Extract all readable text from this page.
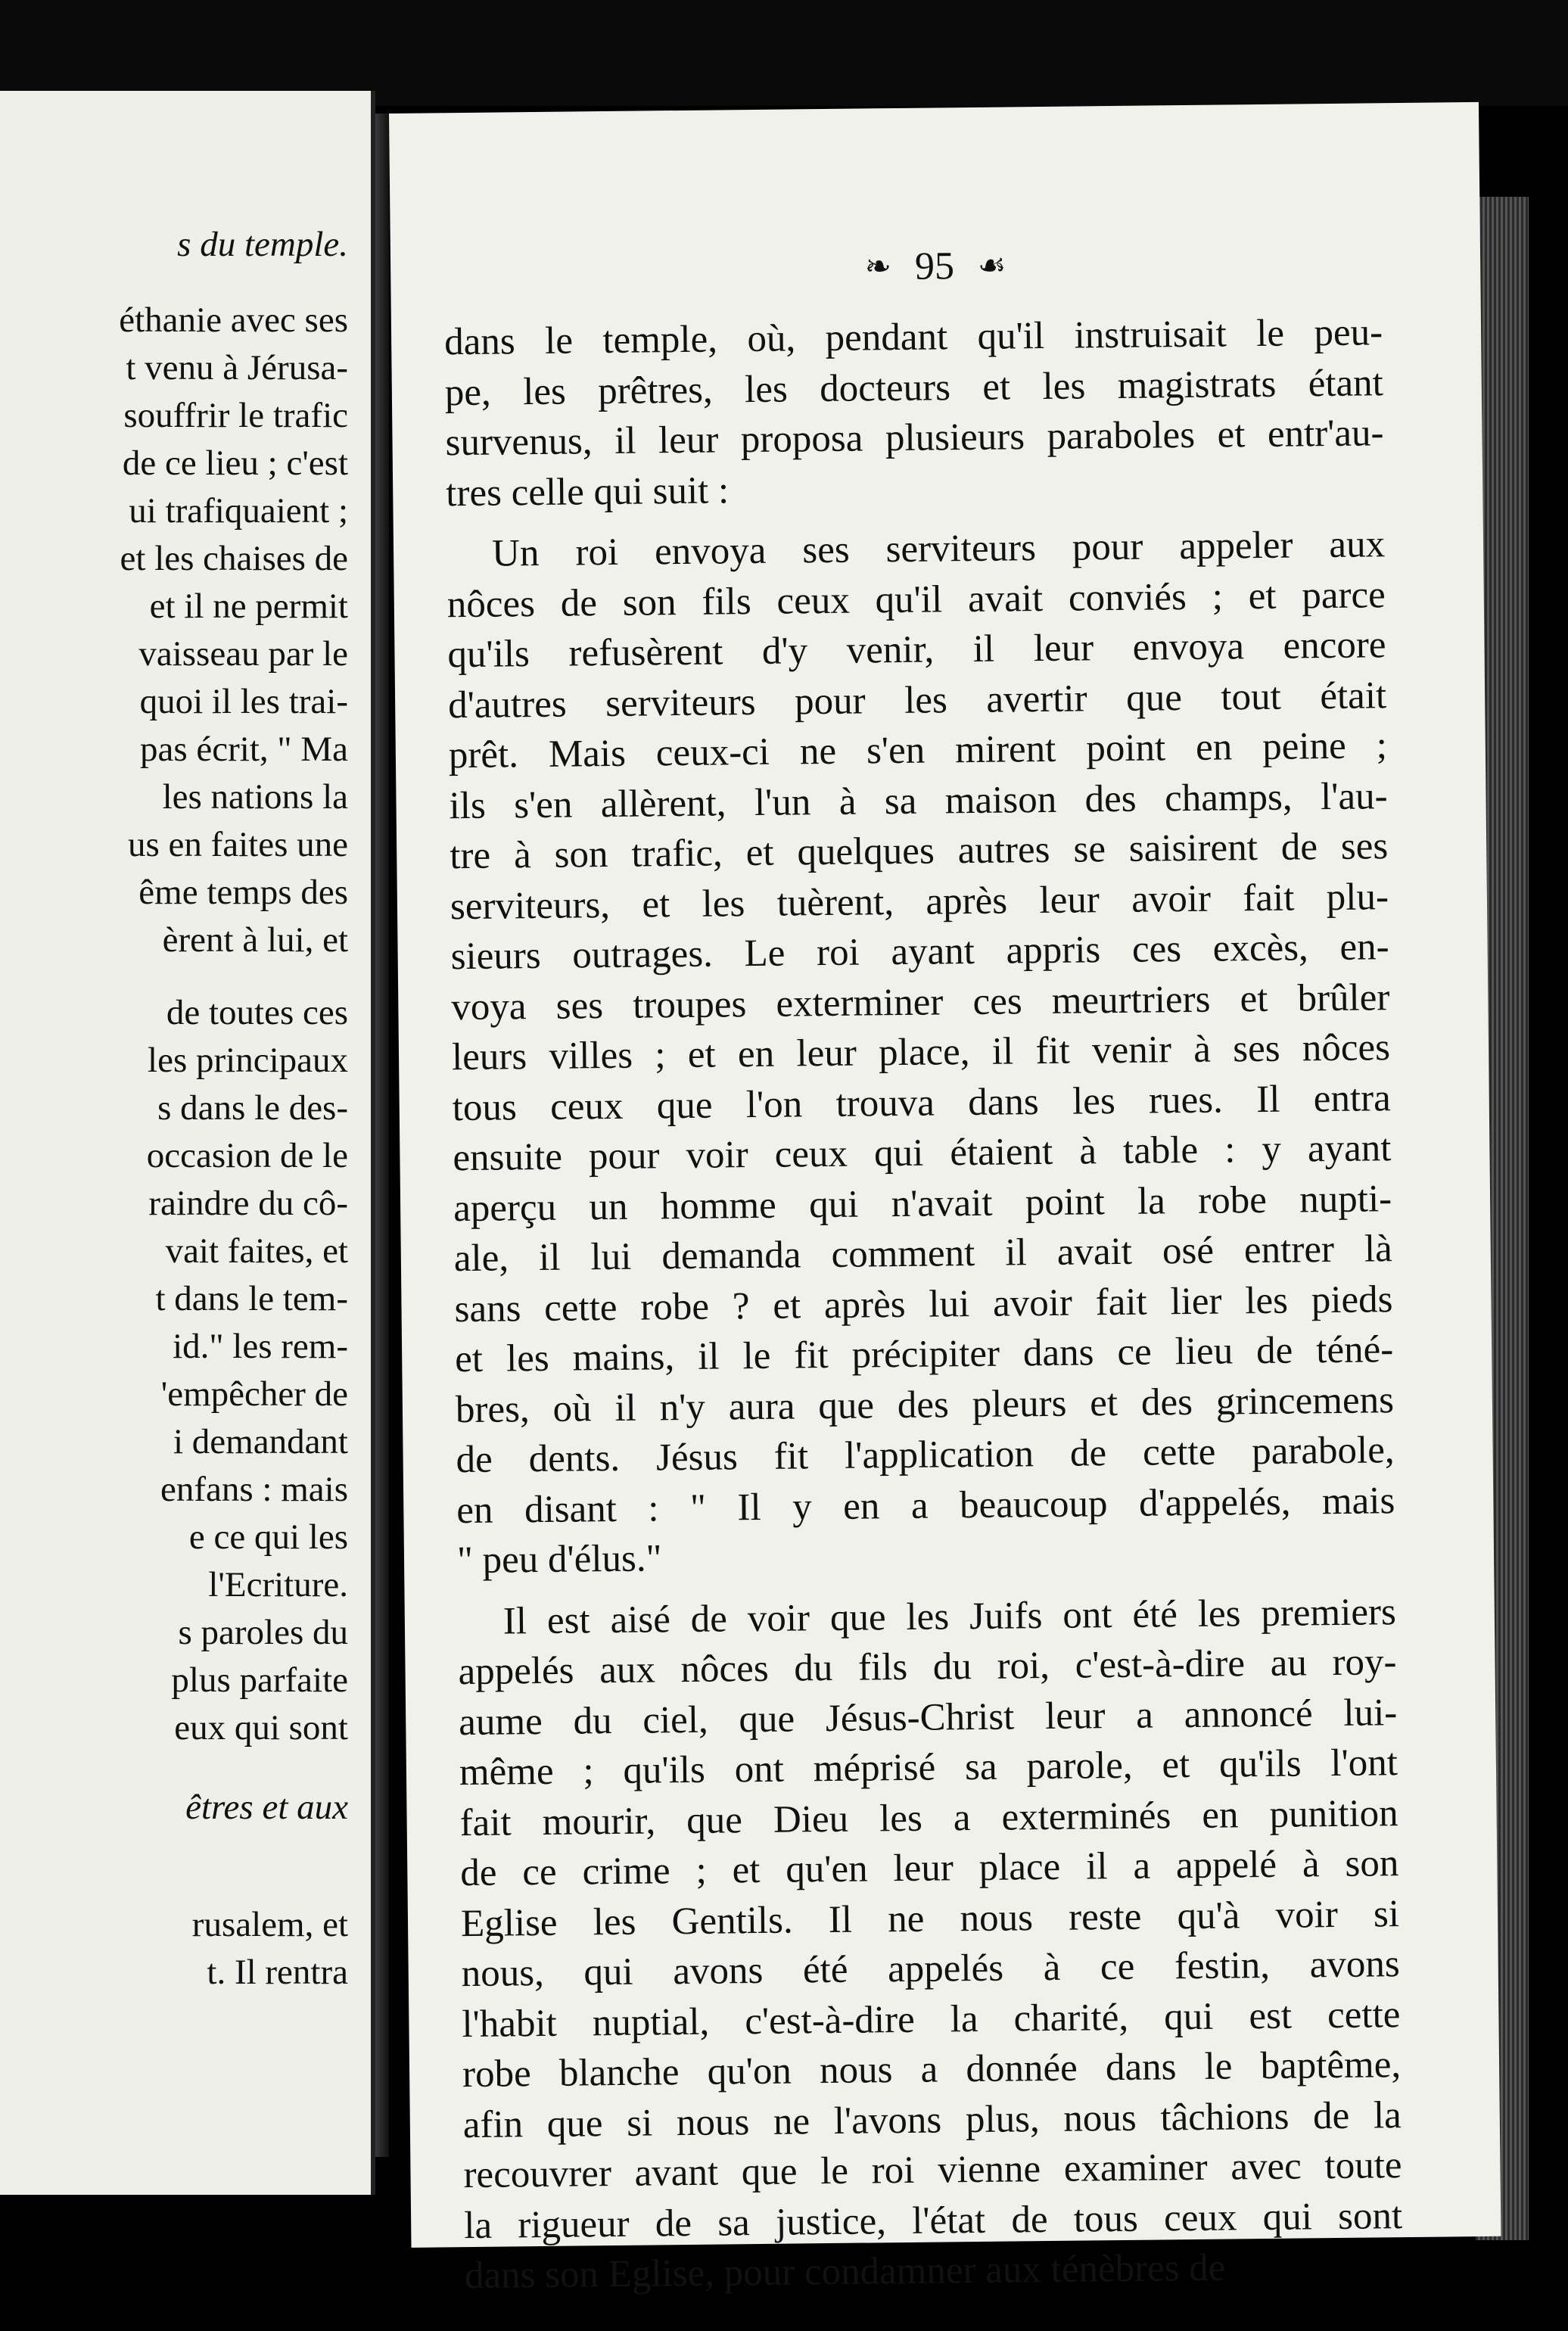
s du temple.
éthanie avec ses
t venu à Jérusa-
souffrir le trafic
de ce lieu ; c'est
ui trafiquaient ;
et les chaises de
et il ne permit
vaisseau par le
quoi il les trai-
pas écrit, " Ma
les nations la
us en faites une
ême temps des
èrent à lui, et
de toutes ces
les principaux
s dans le des-
occasion de le
raindre du cô-
vait faites, et
t dans le tem-
id." les rem-
'empêcher de
i demandant
enfans : mais
e ce qui les
l'Ecriture.
s paroles du
plus parfaite
eux qui sont
êtres et aux
rusalem, et
t. Il rentra
❧ 95 ☙
dans le temple, où, pendant qu'il instruisait le peu-
pe, les prêtres, les docteurs et les magistrats étant
survenus, il leur proposa plusieurs paraboles et entr'au-
tres celle qui suit :
Un roi envoya ses serviteurs pour appeler aux
nôces de son fils ceux qu'il avait conviés ; et parce
qu'ils refusèrent d'y venir, il leur envoya encore
d'autres serviteurs pour les avertir que tout était
prêt. Mais ceux-ci ne s'en mirent point en peine ;
ils s'en allèrent, l'un à sa maison des champs, l'au-
tre à son trafic, et quelques autres se saisirent de ses
serviteurs, et les tuèrent, après leur avoir fait plu-
sieurs outrages. Le roi ayant appris ces excès, en-
voya ses troupes exterminer ces meurtriers et brûler
leurs villes ; et en leur place, il fit venir à ses nôces
tous ceux que l'on trouva dans les rues. Il entra
ensuite pour voir ceux qui étaient à table : y ayant
aperçu un homme qui n'avait point la robe nupti-
ale, il lui demanda comment il avait osé entrer là
sans cette robe ? et après lui avoir fait lier les pieds
et les mains, il le fit précipiter dans ce lieu de téné-
bres, où il n'y aura que des pleurs et des grincemens
de dents. Jésus fit l'application de cette parabole,
en disant : " Il y en a beaucoup d'appelés, mais
" peu d'élus."
Il est aisé de voir que les Juifs ont été les premiers
appelés aux nôces du fils du roi, c'est-à-dire au roy-
aume du ciel, que Jésus-Christ leur a annoncé lui-
même ; qu'ils ont méprisé sa parole, et qu'ils l'ont
fait mourir, que Dieu les a exterminés en punition
de ce crime ; et qu'en leur place il a appelé à son
Eglise les Gentils. Il ne nous reste qu'à voir si
nous, qui avons été appelés à ce festin, avons
l'habit nuptial, c'est-à-dire la charité, qui est cette
robe blanche qu'on nous a donnée dans le baptême,
afin que si nous ne l'avons plus, nous tâchions de la
recouvrer avant que le roi vienne examiner avec toute
la rigueur de sa justice, l'état de tous ceux qui sont
dans son Eglise, pour condamner aux ténèbres de
